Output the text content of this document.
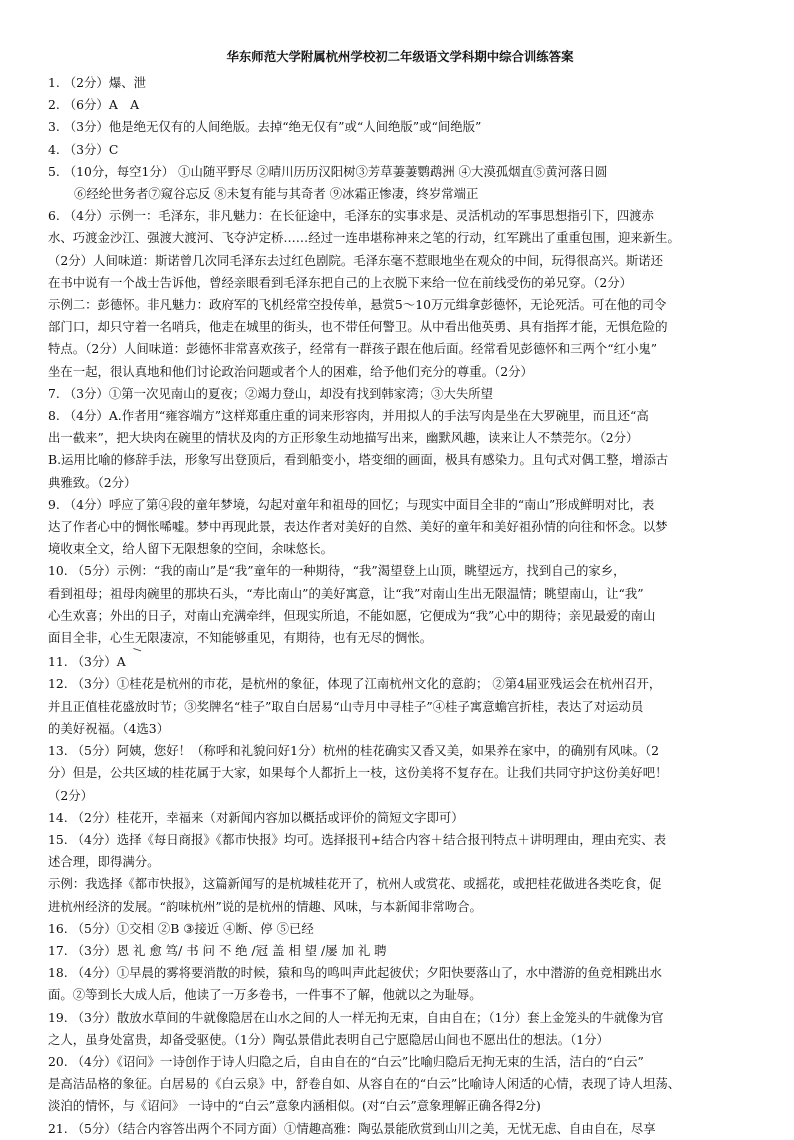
华东师范大学附属杭州学校初二年级语文学科期中综合训练答案
1. （2分）爆、泄
2. （6分）A　A
3. （3分）他是绝无仅有的人间绝版。去掉“绝无仅有”或“人间绝版”或“间绝版”
4. （3分）C
5. （10分，每空1分） ①山随平野尽 ②晴川历历汉阳树③芳草萋萋鹦鹉洲 ④大漠孤烟直⑤黄河落日圆
⑥经纶世务者⑦窥谷忘反 ⑧未复有能与其奇者 ⑨冰霜正惨凄，终岁常端正
6. （4分）示例一：毛泽东，非凡魅力：在长征途中，毛泽东的实事求是、灵活机动的军事思想指引下，四渡赤
水、巧渡金沙江、强渡大渡河、飞夺泸定桥……经过一连串堪称神来之笔的行动，红军跳出了重重包围，迎来新生。
（2分）人间味道：斯诺曾几次同毛泽东去过红色剧院。毛泽东毫不惹眼地坐在观众的中间，玩得很高兴。斯诺还
在书中说有一个战士告诉他，曾经亲眼看到毛泽东把自己的上衣脱下来给一位在前线受伤的弟兄穿。（2分）
示例二：彭德怀。非凡魅力：政府军的飞机经常空投传单，悬赏5～10万元缉拿彭德怀，无论死活。可在他的司令
部门口，却只守着一名哨兵，他走在城里的街头，也不带任何警卫。从中看出他英勇、具有指挥才能，无惧危险的
特点。（2分）人间味道：彭德怀非常喜欢孩子，经常有一群孩子跟在他后面。经常看见彭德怀和三两个“红小鬼”
坐在一起，很认真地和他们讨论政治问题或者个人的困难，给予他们充分的尊重。（2分）
7. （3分）①第一次见南山的夏夜；②竭力登山，却没有找到韩家湾；③大失所望
8. （4分）A.作者用“雍容端方”这样郑重庄重的词来形容肉，并用拟人的手法写肉是坐在大罗碗里，而且还“高
出一截来”，把大块肉在碗里的情状及肉的方正形象生动地描写出来，幽默风趣，读来让人不禁莞尔。（2分）
B.运用比喻的修辞手法，形象写出登顶后，看到船变小，塔变细的画面，极具有感染力。且句式对偶工整，增添古
典雅致。（2分）
9. （4分）呼应了第④段的童年梦境，勾起对童年和祖母的回忆；与现实中面目全非的“南山”形成鲜明对比，表
达了作者心中的惆怅唏嘘。梦中再现此景，表达作者对美好的自然、美好的童年和美好祖孙情的向往和怀念。以梦
境收束全文，给人留下无限想象的空间，余味悠长。
10. （5分）示例：“我的南山”是“我”童年的一种期待，“我”渴望登上山顶，眺望远方，找到自己的家乡，
看到祖母；祖母肉碗里的那块石头，“寿比南山”的美好寓意，让“我”对南山生出无限温情；眺望南山，让“我”
心生欢喜；外出的日子，对南山充满牵绊，但现实所追，不能如愿，它便成为“我”心中的期待；亲见最爱的南山
面目全非，心生无限凄凉，不知能够重见，有期待，也有无尽的惆怅。
11. （3分）A
12. （3分）①桂花是杭州的市花，是杭州的象征，体现了江南杭州文化的意韵； ②第4届亚残运会在杭州召开，
并且正值桂花盛放时节；③奖牌名“桂子”取自白居易“山寺月中寻桂子”④桂子寓意蟾宫折桂，表达了对运动员
的美好祝福。（4选3）
13. （5分）阿姨，您好！（称呼和礼貌问好1分）杭州的桂花确实又香又美，如果养在家中，的确别有风味。（2
分）但是，公共区域的桂花属于大家，如果每个人都折上一枝，这份美将不复存在。让我们共同守护这份美好吧！
（2分）
14. （2分）桂花开，幸福来（对新闻内容加以概括或评价的简短文字即可）
15. （4分）选择《每日商报》《都市快报》均可。选择报刊+结合内容＋结合报刊特点＋讲明理由，理由充实、表
述合理，即得满分。
示例：我选择《都市快报》，这篇新闻写的是杭城桂花开了，杭州人或赏花、或摇花，或把桂花做进各类吃食，促
进杭州经济的发展。“韵味杭州”说的是杭州的情趣、风味，与本新闻非常吻合。
16. （5分）①交相 ②B ③接近 ④断、停 ⑤已经
17. （3分）恩 礼 愈 笃/ 书 问 不 绝 /冠 盖 相 望 /屡 加 礼 聘
18. （4分）①早晨的雾将要消散的时候，猿和鸟的鸣叫声此起彼伏；夕阳快要落山了，水中潜游的鱼竞相跳出水
面。②等到长大成人后，他读了一万多卷书，一件事不了解，他就以之为耻辱。
19. （3分）散放水草间的牛就像隐居在山水之间的人一样无拘无束，自由自在；（1分）套上金笼头的牛就像为官
之人，虽身处富贵，却备受驱使。（1分）陶弘景借此表明自己宁愿隐居山间也不愿出仕的想法。（1分）
20. （4分）《诏问》一诗创作于诗人归隐之后，自由自在的“白云”比喻归隐后无拘无束的生活，洁白的“白云”
是高洁品格的象征。白居易的《白云泉》中，舒卷自如、从容自在的“白云”比喻诗人闲适的心情，表现了诗人坦荡、
淡泊的情怀，与《诏问》 一诗中的“白云”意象内涵相似。(对“白云”意象理解正确各得2分)
21. （5分）（结合内容答出两个不同方面）①情趣高雅：陶弘景能欣赏到山川之美，无忧无虑、自由自在，尽享
